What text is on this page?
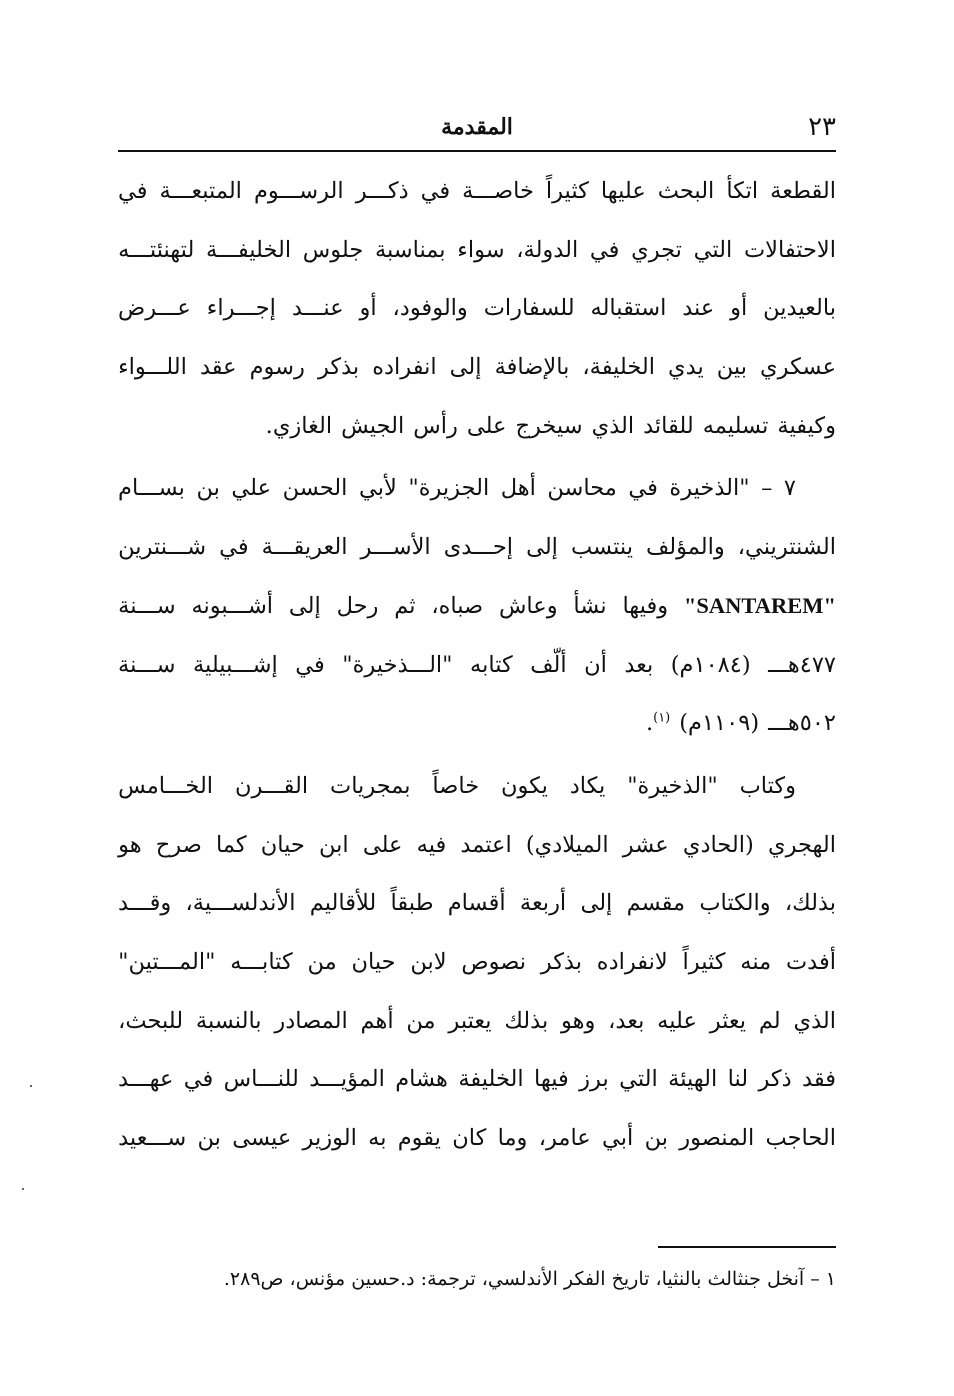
المقدمة	٢٣
القطعة
اتكأ
البحث
عليها
كثيراً
خاصـــة
في
ذكـــر
الرســـوم
المتبعـــة
في
الاحتفالات
التي
تجري
في
الدولة،
سواء
بمناسبة
جلوس
الخليفـــة
لتهنئتـــه
بالعيدين
أو
عند
استقباله
للسفارات
والوفود،
أو
عنـــد
إجـــراء
عـــرض
عسكري
بين
يدي
الخليفة،
بالإضافة
إلى
انفراده
بذكر
رسوم
عقد
اللـــواء
وكيفية
تسليمه
للقائد
الذي
سيخرج
على
رأس
الجيش
الغازي.
٧
–
"الذخيرة
في
محاسن
أهل
الجزيرة"
لأبي
الحسن
علي
بن
بســـام
الشنتريني،
والمؤلف
ينتسب
إلى
إحـــدى
الأســـر
العريقـــة
في
شـــنترين
"SANTAREM"
وفيها
نشأ
وعاش
صباه،
ثم
رحل
إلى
أشـــبونه
ســـنة
٤٧٧هـــ
(١٠٨٤م)
بعد
أن
ألّف
كتابه
"الـــذخيرة"
في
إشـــبيلية
ســـنة
٥٠٢هـــ
(١١٠٩م)
$^{(١)}$.
وكتاب
"الذخيرة"
يكاد
يكون
خاصاً
بمجريات
القـــرن
الخـــامس
الهجري
(الحادي
عشر
الميلادي)
اعتمد
فيه
على
ابن
حيان
كما
صرح
هو
بذلك،
والكتاب
مقسم
إلى
أربعة
أقسام
طبقاً
للأقاليم
الأندلســـية،
وقـــد
أفدت
منه
كثيراً
لانفراده
بذكر
نصوص
لابن
حيان
من
كتابـــه
"المـــتين"
الذي
لم
يعثر
عليه
بعد،
وهو
بذلك
يعتبر
من
أهم
المصادر
بالنسبة
للبحث،
فقد
ذكر
لنا
الهيئة
التي
برز
فيها
الخليفة
هشام
المؤيـــد
للنـــاس
في
عهـــد
الحاجب
المنصور
بن
أبي
عامر،
وما
كان
يقوم
به
الوزير
عيسى
بن
ســـعيد
١ – آنخل جنثالث بالنثيا، تاريخ الفكر الأندلسي، ترجمة: د.حسين مؤنس، ص٢٨٩.
